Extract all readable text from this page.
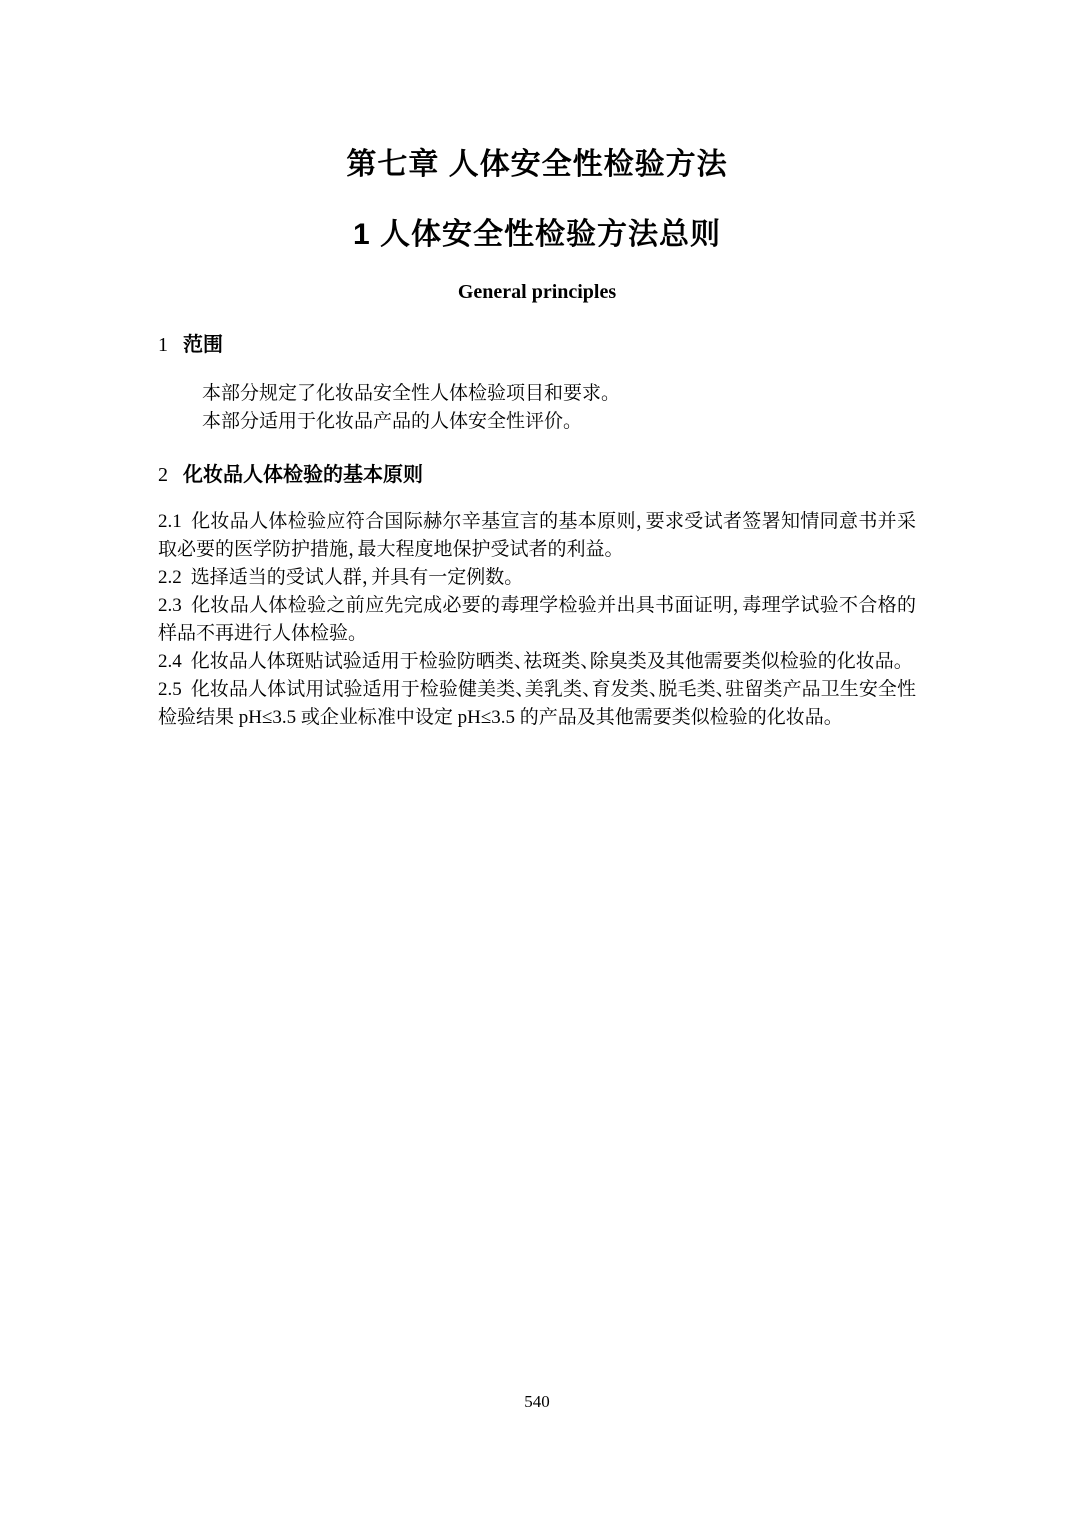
第七章 人体安全性检验方法
1 人体安全性检验方法总则
General principles
1 范围

本部分规定了化妆品安全性人体检验项目和要求。

本部分适用于化妆品产品的人体安全性评价。

2 化妆品人体检验的基本原则

2.1 化妆品人体检验应符合国际赫尔辛基宣言的基本原则，要求受试者签署知情同意书并采取必要的医学防护措施，最大程度地保护受试者的利益。

2.2 选择适当的受试人群，并具有一定例数。

2.3 化妆品人体检验之前应先完成必要的毒理学检验并出具书面证明，毒理学试验不合格的样品不再进行人体检验。

2.4 化妆品人体斑贴试验适用于检验防晒类、祛斑类、除臭类及其他需要类似检验的化妆品。

2.5 化妆品人体试用试验适用于检验健美类、美乳类、育发类、脱毛类、驻留类产品卫生安全性检验结果 pH≤3.5 或企业标准中设定 pH≤3.5 的产品及其他需要类似检验的化妆品。

540
